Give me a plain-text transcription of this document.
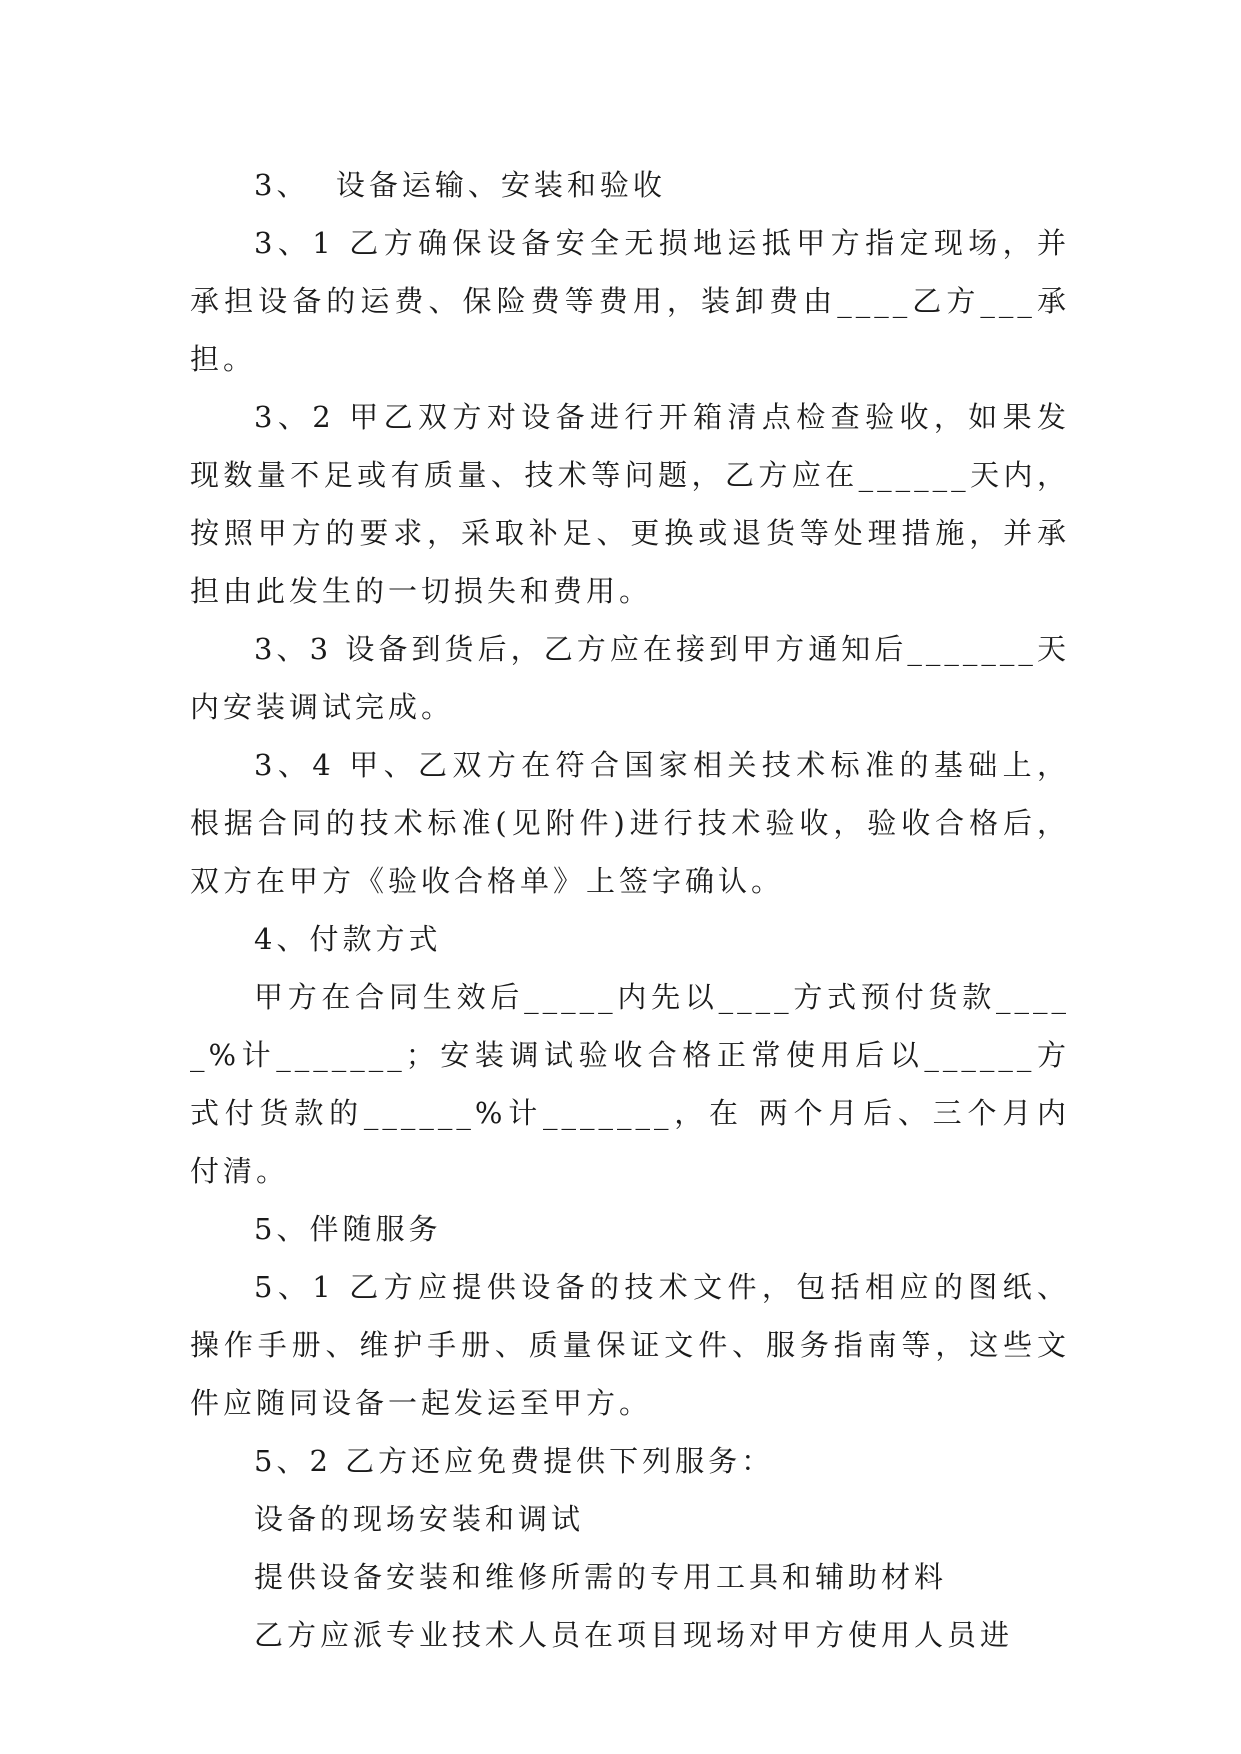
3、  设备运输、安装和验收

3、1 乙方确保设备安全无损地运抵甲方指定现场，并承担设备的运费、保险费等费用，装卸费由____乙方___承担。

3、2 甲乙双方对设备进行开箱清点检查验收，如果发现数量不足或有质量、技术等问题，乙方应在______天内，按照甲方的要求，采取补足、更换或退货等处理措施，并承担由此发生的一切损失和费用。

3、3 设备到货后，乙方应在接到甲方通知后_______天内安装调试完成。

3、4 甲、乙双方在符合国家相关技术标准的基础上，根据合同的技术标准(见附件)进行技术验收，验收合格后，双方在甲方《验收合格单》上签字确认。

4、付款方式

甲方在合同生效后_____内先以____方式预付货款_____%计_______；安装调试验收合格正常使用后以______方式付货款的______%计_______，在 两个月后、三个月内 付清。

5、伴随服务

5、1 乙方应提供设备的技术文件，包括相应的图纸、操作手册、维护手册、质量保证文件、服务指南等，这些文件应随同设备一起发运至甲方。

5、2 乙方还应免费提供下列服务：

设备的现场安装和调试

提供设备安装和维修所需的专用工具和辅助材料

乙方应派专业技术人员在项目现场对甲方使用人员进
